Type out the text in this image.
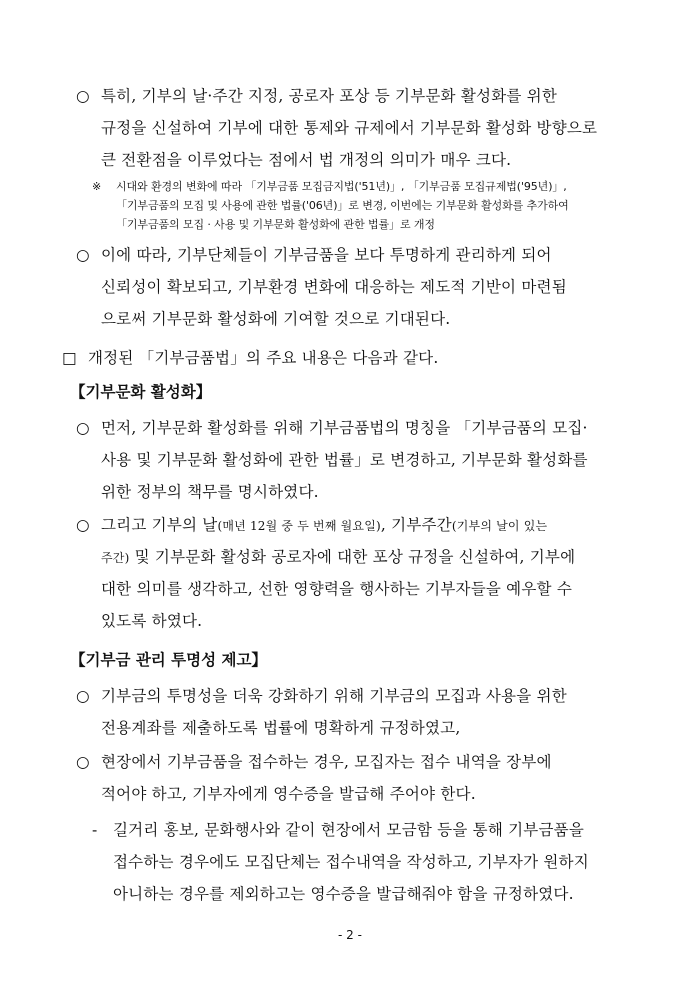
○ 특히, 기부의 날·주간 지정, 공로자 포상 등 기부문화 활성화를 위한
규정을 신설하여 기부에 대한 통제와 규제에서 기부문화 활성화 방향으로
큰 전환점을 이루었다는 점에서 법 개정의 의미가 매우 크다.
※ 시대와 환경의 변화에 따라 「기부금품 모집금지법('51년)」, 「기부금품 모집규제법('95년)」,
「기부금품의 모집 및 사용에 관한 법률('06년)」로 변경, 이번에는 기부문화 활성화를 추가하여
「기부금품의 모집 · 사용 및 기부문화 활성화에 관한 법률」로 개정
○ 이에 따라, 기부단체들이 기부금품을 보다 투명하게 관리하게 되어
신뢰성이 확보되고, 기부환경 변화에 대응하는 제도적 기반이 마련됨
으로써 기부문화 활성화에 기여할 것으로 기대된다.
□ 개정된 「기부금품법」의 주요 내용은 다음과 같다.
【기부문화 활성화】
○ 먼저, 기부문화 활성화를 위해 기부금품법의 명칭을 「기부금품의 모집·
사용 및 기부문화 활성화에 관한 법률」로 변경하고, 기부문화 활성화를
위한 정부의 책무를 명시하였다.
○ 그리고 기부의 날(매년 12월 중 두 번째 월요일), 기부주간(기부의 날이 있는
주간) 및 기부문화 활성화 공로자에 대한 포상 규정을 신설하여, 기부에
대한 의미를 생각하고, 선한 영향력을 행사하는 기부자들을 예우할 수
있도록 하였다.
【기부금 관리 투명성 제고】
○ 기부금의 투명성을 더욱 강화하기 위해 기부금의 모집과 사용을 위한
전용계좌를 제출하도록 법률에 명확하게 규정하였고,
○ 현장에서 기부금품을 접수하는 경우, 모집자는 접수 내역을 장부에
적어야 하고, 기부자에게 영수증을 발급해 주어야 한다.
- 길거리 홍보, 문화행사와 같이 현장에서 모금함 등을 통해 기부금품을
접수하는 경우에도 모집단체는 접수내역을 작성하고, 기부자가 원하지
아니하는 경우를 제외하고는 영수증을 발급해줘야 함을 규정하였다.
- 2 -
